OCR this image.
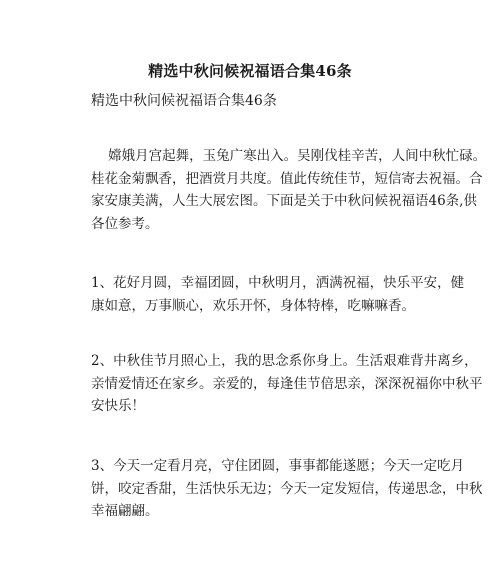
精选中秋问候祝福语合集46条
精选中秋问候祝福语合集46条
嫦娥月宫起舞，玉兔广寒出入。吴刚伐桂辛苦，人间中秋忙碌。
桂花金菊飘香，把酒赏月共度。值此传统佳节，短信寄去祝福。合
家安康美满，人生大展宏图。下面是关于中秋问候祝福语46条,供
各位参考。
1、花好月圆，幸福团圆，中秋明月，洒满祝福，快乐平安，健
康如意，万事顺心，欢乐开怀，身体特棒，吃嘛嘛香。
2、中秋佳节月照心上，我的思念系你身上。生活艰难背井离乡，
亲情爱情还在家乡。亲爱的，每逢佳节倍思亲，深深祝福你中秋平
安快乐！
3、今天一定看月亮，守住团圆，事事都能遂愿；今天一定吃月
饼，咬定香甜，生活快乐无边；今天一定发短信，传递思念，中秋
幸福翩翩。
